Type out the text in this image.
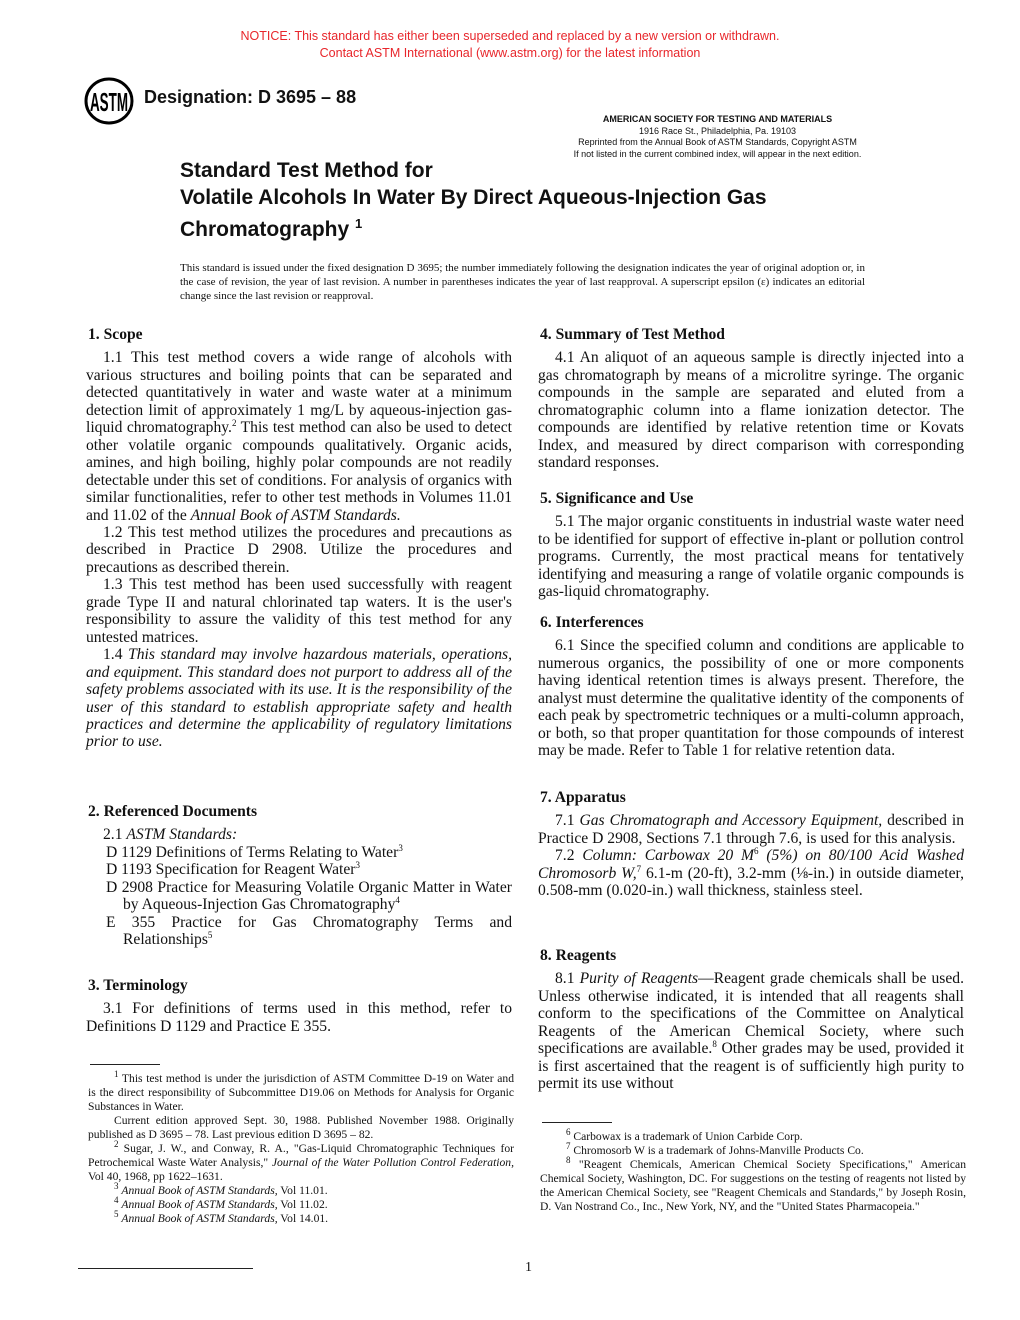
NOTICE: This standard has either been superseded and replaced by a new version or withdrawn.
Contact ASTM International (www.astm.org) for the latest information
ASTM Designation: D 3695 – 88
AMERICAN SOCIETY FOR TESTING AND MATERIALS
1916 Race St., Philadelphia, Pa. 19103
Reprinted from the Annual Book of ASTM Standards, Copyright ASTM
If not listed in the current combined index, will appear in the next edition.
Standard Test Method for
Volatile Alcohols In Water By Direct Aqueous-Injection Gas
Chromatography $^1$
This standard is issued under the fixed designation D 3695; the number immediately following the designation indicates the year of original adoption or, in the case of revision, the year of last revision. A number in parentheses indicates the year of last reapproval. A superscript epsilon (ε) indicates an editorial change since the last revision or reapproval.
1. Scope

1.1 This test method covers a wide range of alcohols with various structures and boiling points that can be separated and detected quantitatively in water and waste water at a minimum detection limit of approximately 1 mg/L by aqueous-injection gas-liquid chromatography.$^2$ This test method can also be used to detect other volatile organic compounds qualitatively. Organic acids, amines, and high boiling, highly polar compounds are not readily detectable under this set of conditions. For analysis of organics with similar functionalities, refer to other test methods in Volumes 11.01 and 11.02 of the Annual Book of ASTM Standards.

1.2 This test method utilizes the procedures and precautions as described in Practice D 2908. Utilize the procedures and precautions as described therein.

1.3 This test method has been used successfully with reagent grade Type II and natural chlorinated tap waters. It is the user's responsibility to assure the validity of this test method for any untested matrices.

1.4 This standard may involve hazardous materials, operations, and equipment. This standard does not purport to address all of the safety problems associated with its use. It is the responsibility of the user of this standard to establish appropriate safety and health practices and determine the applicability of regulatory limitations prior to use.

2. Referenced Documents

2.1 ASTM Standards:

D 1129 Definitions of Terms Relating to Water$^3$

D 1193 Specification for Reagent Water$^3$

D 2908 Practice for Measuring Volatile Organic Matter in Water by Aqueous-Injection Gas Chromatography$^4$

E 355 Practice for Gas Chromatography Terms and Relationships$^5$

3. Terminology

3.1 For definitions of terms used in this method, refer to Definitions D 1129 and Practice E 355.

4. Summary of Test Method

4.1 An aliquot of an aqueous sample is directly injected into a gas chromatograph by means of a microlitre syringe. The organic compounds in the sample are separated and eluted from a chromatographic column into a flame ionization detector. The compounds are identified by relative retention time or Kovats Index, and measured by direct comparison with corresponding standard responses.

5. Significance and Use

5.1 The major organic constituents in industrial waste water need to be identified for support of effective in-plant or pollution control programs. Currently, the most practical means for tentatively identifying and measuring a range of volatile organic compounds is gas-liquid chromatography.

6. Interferences

6.1 Since the specified column and conditions are applicable to numerous organics, the possibility of one or more components having identical retention times is always present. Therefore, the analyst must determine the qualitative identity of the components of each peak by spectrometric techniques or a multi-column approach, or both, so that proper quantitation for those compounds of interest may be made. Refer to Table 1 for relative retention data.

7. Apparatus

7.1 Gas Chromatograph and Accessory Equipment, described in Practice D 2908, Sections 7.1 through 7.6, is used for this analysis.

7.2 Column: Carbowax 20 $M^6$ (5%) on 80/100 Acid Washed Chromosorb W,$^7$ 6.1-m (20-ft), 3.2-mm (⅛-in.) in outside diameter, 0.508-mm (0.020-in.) wall thickness, stainless steel.

8. Reagents

8.1 Purity of Reagents—Reagent grade chemicals shall be used. Unless otherwise indicated, it is intended that all reagents shall conform to the specifications of the Committee on Analytical Reagents of the American Chemical Society, where such specifications are available.$^8$ Other grades may be used, provided it is first ascertained that the reagent is of sufficiently high purity to permit its use without

$^1$ This test method is under the jurisdiction of ASTM Committee D-19 on Water and is the direct responsibility of Subcommittee D19.06 on Methods for Analysis for Organic Substances in Water.

Current edition approved Sept. 30, 1988. Published November 1988. Originally published as D 3695 – 78. Last previous edition D 3695 – 82.

$^2$ Sugar, J. W., and Conway, R. A., "Gas-Liquid Chromatographic Techniques for Petrochemical Waste Water Analysis," Journal of the Water Pollution Control Federation, Vol 40, 1968, pp 1622–1631.

$^3$ Annual Book of ASTM Standards, Vol 11.01.

$^4$ Annual Book of ASTM Standards, Vol 11.02.

$^5$ Annual Book of ASTM Standards, Vol 14.01.

$^6$ Carbowax is a trademark of Union Carbide Corp.

$^7$ Chromosorb W is a trademark of Johns-Manville Products Co.

$^8$ "Reagent Chemicals, American Chemical Society Specifications," American Chemical Society, Washington, DC. For suggestions on the testing of reagents not listed by the American Chemical Society, see "Reagent Chemicals and Standards," by Joseph Rosin, D. Van Nostrand Co., Inc., New York, NY, and the "United States Pharmacopeia."

1
